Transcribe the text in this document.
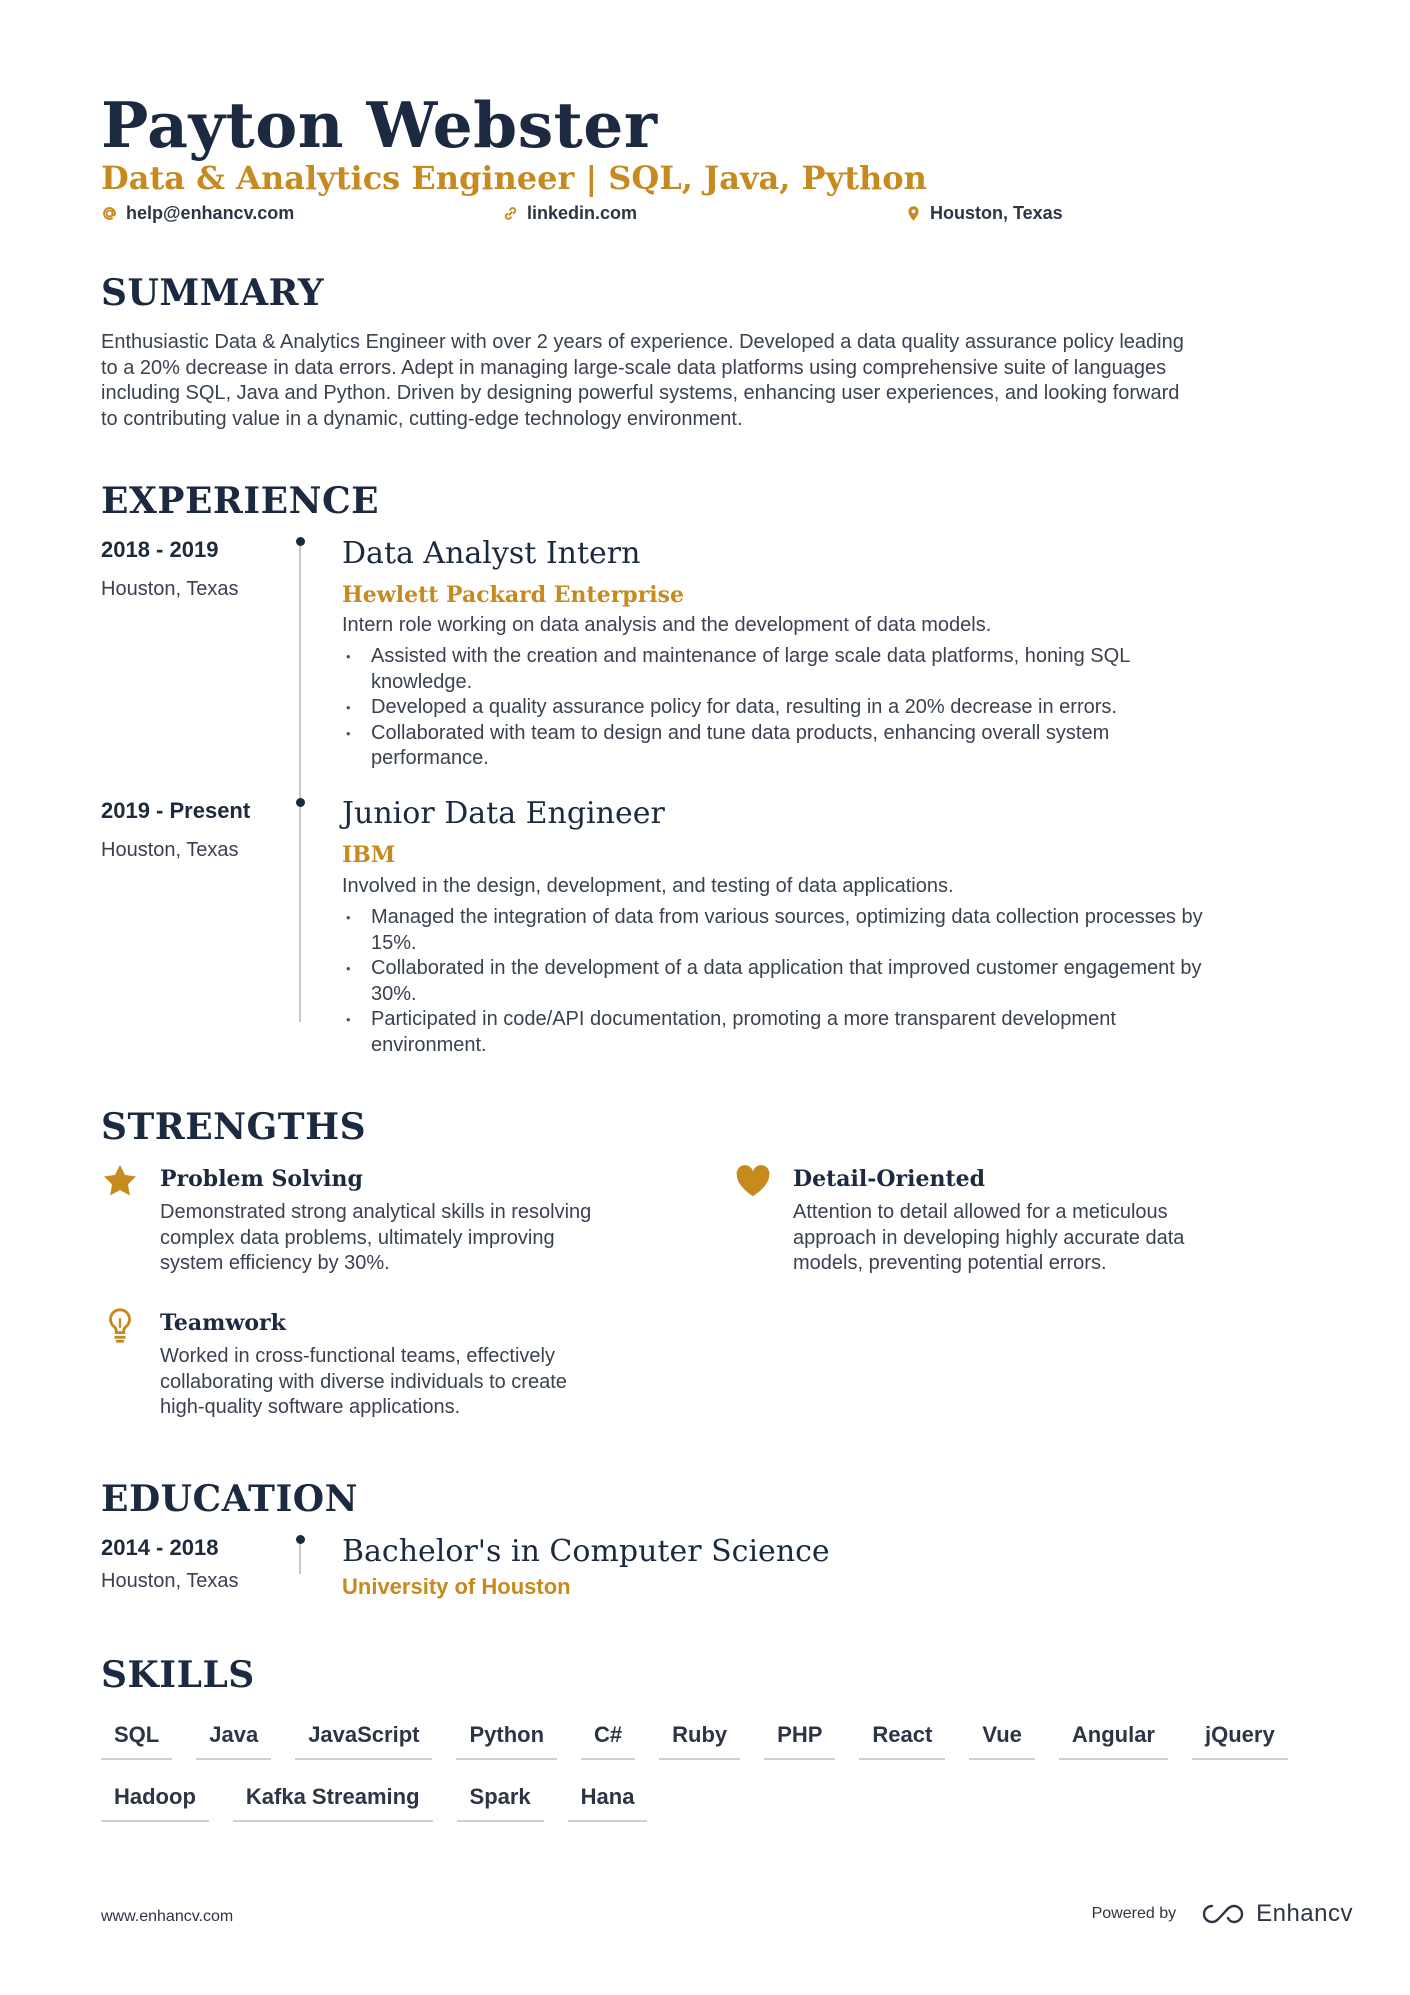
Payton Webster
Data & Analytics Engineer | SQL, Java, Python
help@enhancv.com	linkedin.com	Houston, Texas
SUMMARY
Enthusiastic Data & Analytics Engineer with over 2 years of experience. Developed a data quality assurance policy leading
to a 20% decrease in data errors. Adept in managing large-scale data platforms using comprehensive suite of languages
including SQL, Java and Python. Driven by designing powerful systems, enhancing user experiences, and looking forward
to contributing value in a dynamic, cutting-edge technology environment.
EXPERIENCE
2018 - 2019
Houston, Texas
Data Analyst Intern
Hewlett Packard Enterprise
Intern role working on data analysis and the development of data models.
• Assisted with the creation and maintenance of large scale data platforms, honing SQL
knowledge.
• Developed a quality assurance policy for data, resulting in a 20% decrease in errors.
• Collaborated with team to design and tune data products, enhancing overall system
performance.
2019 - Present
Houston, Texas
Junior Data Engineer
IBM
Involved in the design, development, and testing of data applications.
• Managed the integration of data from various sources, optimizing data collection processes by
15%.
• Collaborated in the development of a data application that improved customer engagement by
30%.
• Participated in code/API documentation, promoting a more transparent development
environment.
STRENGTHS
Problem Solving
Demonstrated strong analytical skills in resolving
complex data problems, ultimately improving
system efficiency by 30%.
Detail-Oriented
Attention to detail allowed for a meticulous
approach in developing highly accurate data
models, preventing potential errors.
Teamwork
Worked in cross-functional teams, effectively
collaborating with diverse individuals to create
high-quality software applications.
EDUCATION
2014 - 2018
Houston, Texas
Bachelor's in Computer Science
University of Houston
SKILLS
SQL	Java	JavaScript	Python	C#	Ruby	PHP	React	Vue	Angular	jQuery
Hadoop	Kafka Streaming	Spark	Hana
www.enhancv.com	Powered by	Enhancv
